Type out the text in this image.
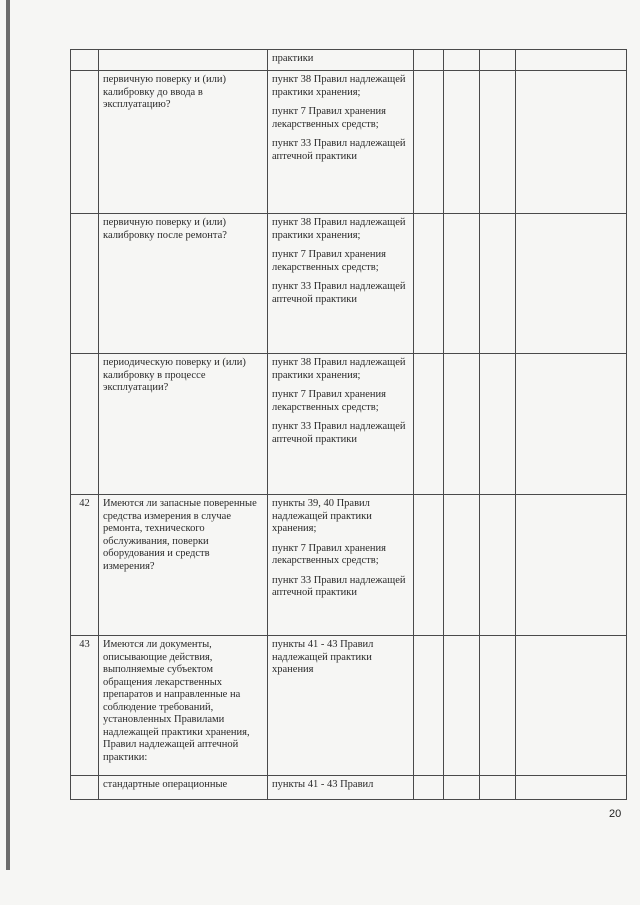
		практики				

	первичную поверку и (или) калибровку до ввода в эксплуатацию?	пункт 38 Правил надлежащей практики хранения;

пункт 7 Правил хранения лекарственных средств;

пункт 33 Правил надлежащей аптечной практики				

	первичную поверку и (или) калибровку после ремонта?	пункт 38 Правил надлежащей практики хранения;

пункт 7 Правил хранения лекарственных средств;

пункт 33 Правил надлежащей аптечной практики				

	периодическую поверку и (или) калибровку в процессе эксплуатации?	пункт 38 Правил надлежащей практики хранения;

пункт 7 Правил хранения лекарственных средств;

пункт 33 Правил надлежащей аптечной практики				

42	Имеются ли запасные поверенные средства измерения в случае ремонта, технического обслуживания, поверки оборудования и средств измерения?	пункты 39, 40 Правил надлежащей практики хранения;

пункт 7 Правил хранения лекарственных средств;

пункт 33 Правил надлежащей аптечной практики				

43	Имеются ли документы, описывающие действия, выполняемые субъектом обращения лекарственных препаратов и направленные на соблюдение требований, установленных Правилами надлежащей практики хранения, Правил надлежащей аптечной практики:	пункты 41 - 43 Правил надлежащей практики хранения				

	стандартные операционные	пункты 41 - 43 Правил				

20
